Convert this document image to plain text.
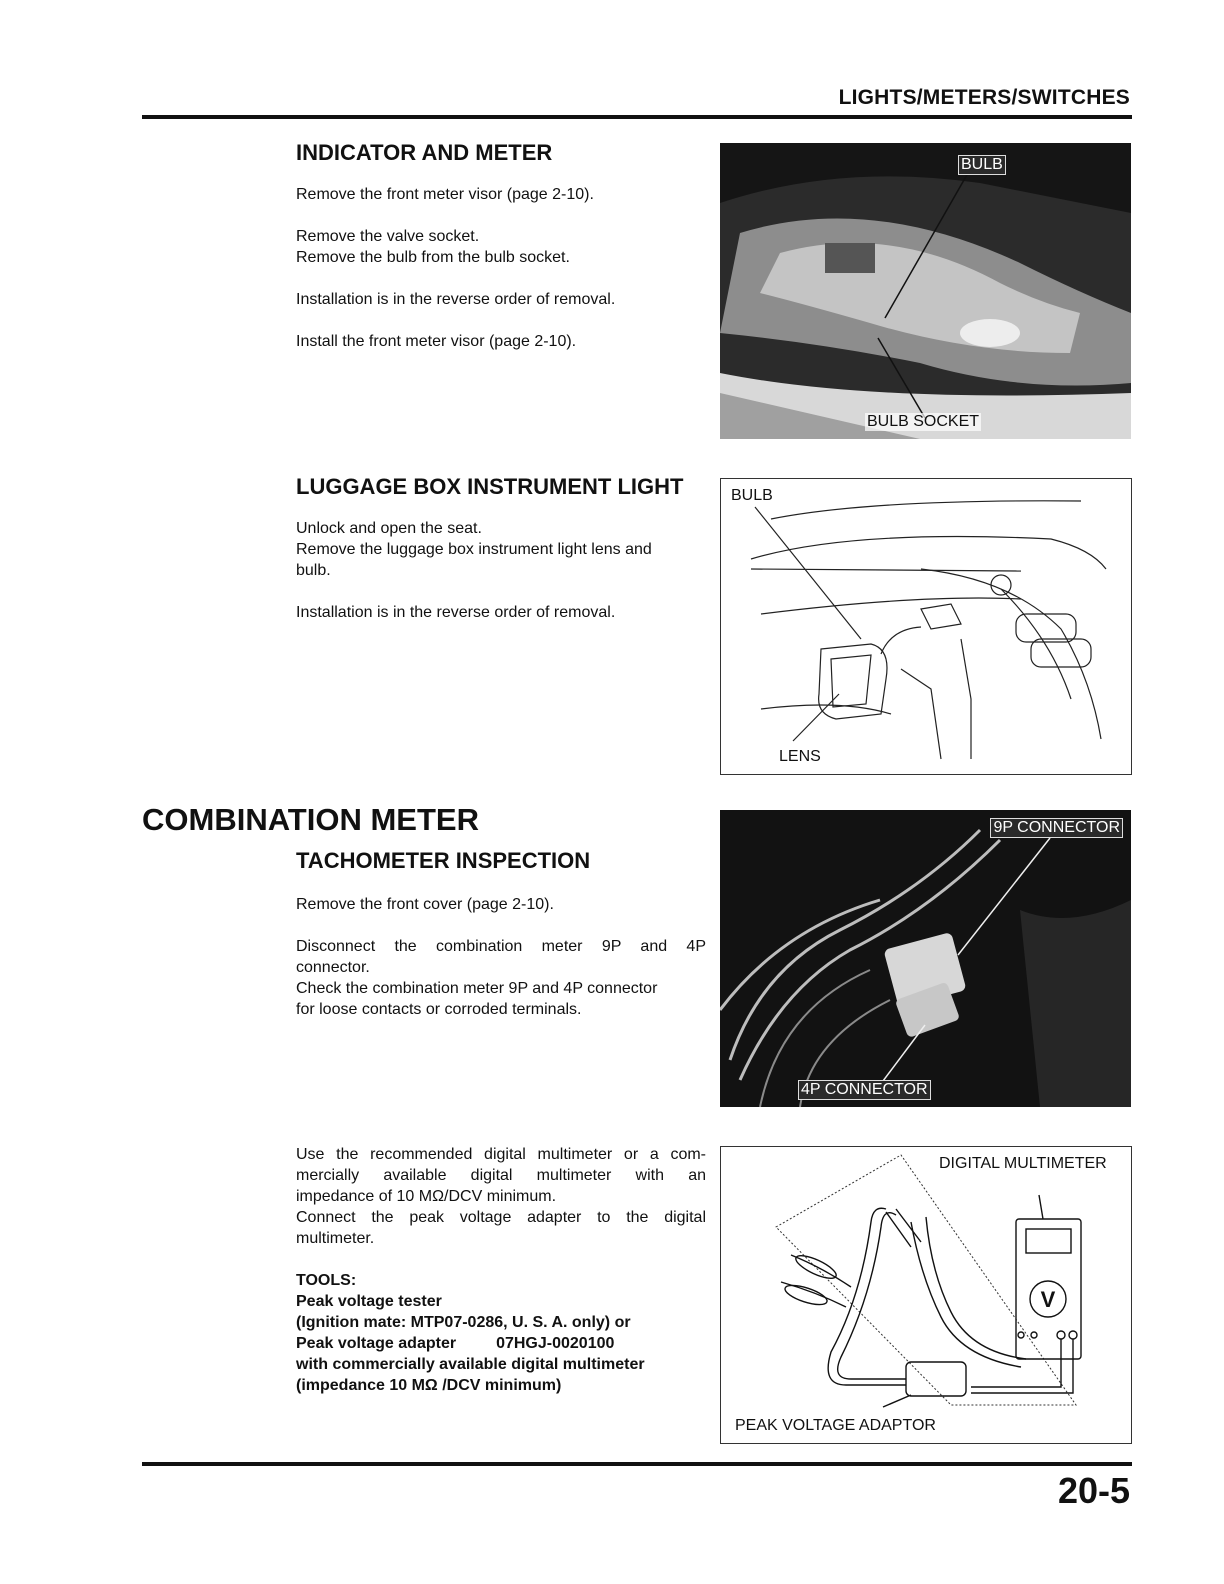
LIGHTS/METERS/SWITCHES
INDICATOR AND METER
Remove the front meter visor (page 2-10).
Remove the valve socket.
Remove the bulb from the bulb socket.
Installation is in the reverse order of removal.
Install the front meter visor (page 2-10).
BULB
BULB SOCKET
LUGGAGE BOX INSTRUMENT LIGHT
Unlock and open the seat.
Remove the luggage box instrument light lens and
bulb.
Installation is in the reverse order of removal.
BULB
LENS
COMBINATION METER
TACHOMETER INSPECTION
Remove the front cover (page 2-10).
Disconnect the combination meter 9P and 4P
connector.
Check the combination meter 9P and 4P connector
for loose contacts or corroded terminals.
9P CONNECTOR
4P CONNECTOR
Use the recommended digital multimeter or a com-
mercially available digital multimeter with an
impedance of 10 MΩ/DCV minimum.
Connect the peak voltage adapter to the digital
multimeter.
TOOLS:
Peak voltage tester
(Ignition mate: MTP07-0286, U. S. A. only) or
Peak voltage adapter	07HGJ-0020100
with commercially available digital multimeter
(impedance 10 MΩ /DCV minimum)
V
DIGITAL MULTIMETER
PEAK VOLTAGE ADAPTOR
20-5
